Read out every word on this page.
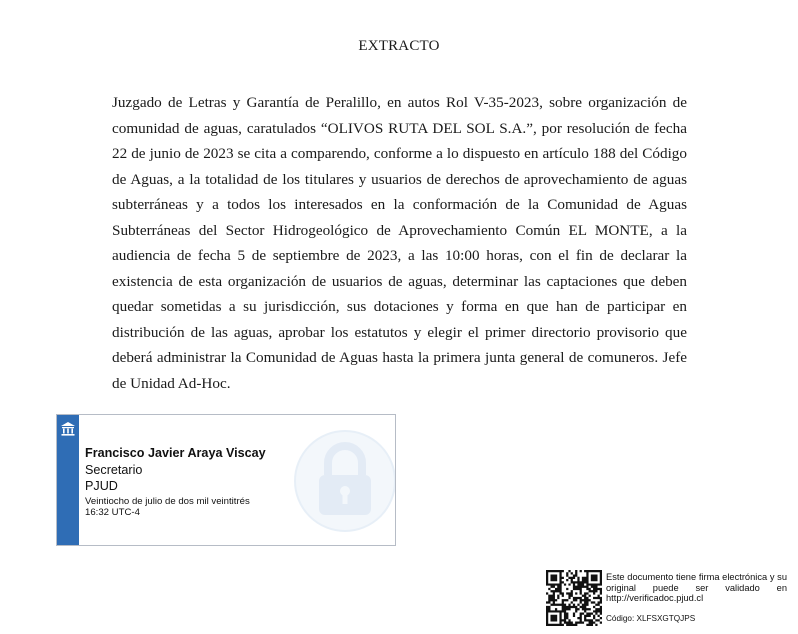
EXTRACTO

Juzgado de Letras y Garantía de Peralillo, en autos Rol V-35-2023, sobre organización de comunidad de aguas, caratulados “OLIVOS RUTA DEL SOL S.A.”, por resolución de fecha 22 de junio de 2023 se cita a comparendo, conforme a lo dispuesto en artículo 188 del Código de Aguas, a la totalidad de los titulares y usuarios de derechos de aprovechamiento de aguas subterráneas y a todos los interesados en la conformación de la Comunidad de Aguas Subterráneas del Sector Hidrogeológico de Aprovechamiento Común EL MONTE, a la audiencia de fecha 5 de septiembre de 2023, a las 10:00 horas, con el fin de declarar la existencia de esta organización de usuarios de aguas, determinar las captaciones que deben quedar sometidas a su jurisdicción, sus dotaciones y forma en que han de participar en distribución de las aguas, aprobar los estatutos y elegir el primer directorio provisorio que deberá administrar la Comunidad de Aguas hasta la primera junta general de comuneros. Jefe de Unidad Ad-Hoc.

Francisco Javier Araya Viscay
Secretario
PJUD
Veintiocho de julio de dos mil veintitrés
16:32 UTC-4
Este documento tiene firma electrónica y su original puede ser validado en http://verificadoc.pjud.cl
Código: XLFSXGTQJPS
